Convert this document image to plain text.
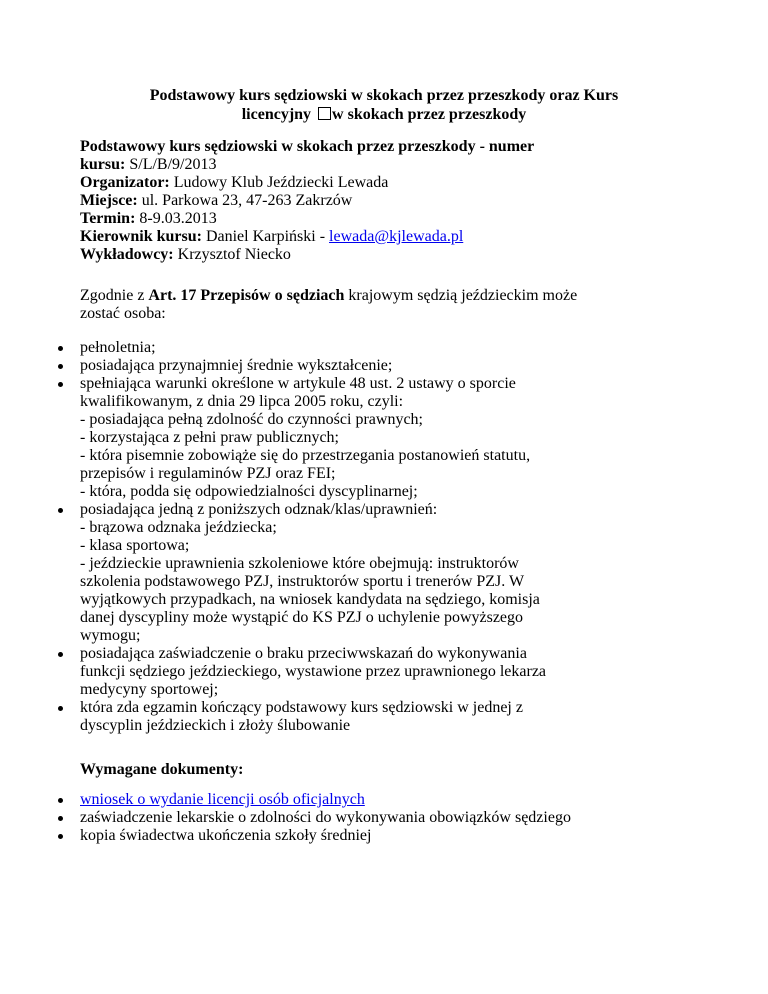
Podstawowy kurs sędziowski w skokach przez przeszkody oraz Kurs
licencyjny w skokach przez przeszkody

Podstawowy kurs sędziowski w skokach przez przeszkody - numer

kursu: S/L/B/9/2013

Organizator: Ludowy Klub Jeździecki Lewada

Miejsce: ul. Parkowa 23, 47-263 Zakrzów

Termin: 8-9.03.2013

Kierownik kursu: Daniel Karpiński - lewada@kjlewada.pl

Wykładowcy: Krzysztof Niecko

Zgodnie z Art. 17 Przepisów o sędziach krajowym sędzią jeździeckim może

zostać osoba:

pełnoletnia;
posiadająca przynajmniej średnie wykształcenie;
spełniająca warunki określone w artykule 48 ust. 2 ustawy o sporcie
kwalifikowanym, z dnia 29 lipca 2005 roku, czyli:
- posiadająca pełną zdolność do czynności prawnych;
- korzystająca z pełni praw publicznych;
- która pisemnie zobowiąże się do przestrzegania postanowień statutu,
przepisów i regulaminów PZJ oraz FEI;
- która, podda się odpowiedzialności dyscyplinarnej;
posiadająca jedną z poniższych odznak/klas/uprawnień:
- brązowa odznaka jeździecka;
- klasa sportowa;
- jeździeckie uprawnienia szkoleniowe które obejmują: instruktorów
szkolenia podstawowego PZJ, instruktorów sportu i trenerów PZJ. W
wyjątkowych przypadkach, na wniosek kandydata na sędziego, komisja
danej dyscypliny może wystąpić do KS PZJ o uchylenie powyższego
wymogu;
posiadająca zaświadczenie o braku przeciwwskazań do wykonywania
funkcji sędziego jeździeckiego, wystawione przez uprawnionego lekarza
medycyny sportowej;
która zda egzamin kończący podstawowy kurs sędziowski w jednej z
dyscyplin jeździeckich i złoży ślubowanie
Wymagane dokumenty:
wniosek o wydanie licencji osób oficjalnych
zaświadczenie lekarskie o zdolności do wykonywania obowiązków sędziego
kopia świadectwa ukończenia szkoły średniej
